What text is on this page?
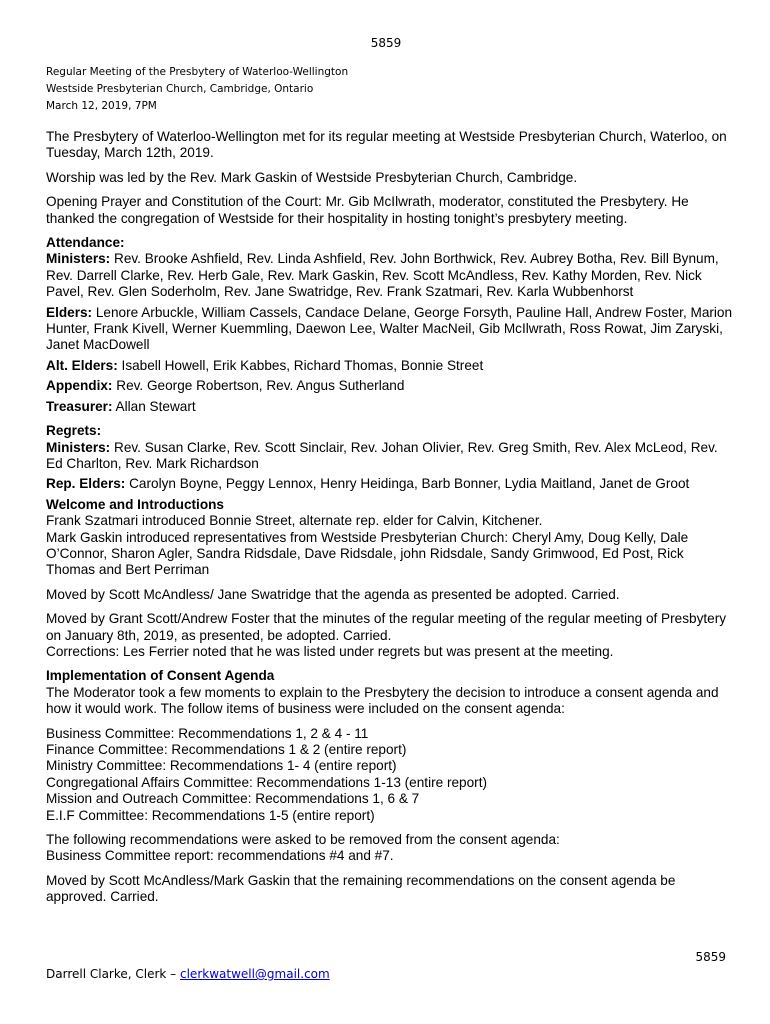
5859
Regular Meeting of the Presbytery of Waterloo-Wellington
Westside Presbyterian Church, Cambridge, Ontario
March 12, 2019, 7PM

The Presbytery of Waterloo-Wellington met for its regular meeting at Westside Presbyterian Church, Waterloo, on Tuesday, March 12th, 2019.

Worship was led by the Rev. Mark Gaskin of Westside Presbyterian Church, Cambridge.

Opening Prayer and Constitution of the Court: Mr. Gib McIlwrath, moderator, constituted the Presbytery. He thanked the congregation of Westside for their hospitality in hosting tonight’s presbytery meeting.

Attendance:
Ministers: Rev. Brooke Ashfield, Rev. Linda Ashfield, Rev. John Borthwick, Rev. Aubrey Botha, Rev. Bill Bynum, Rev. Darrell Clarke, Rev. Herb Gale, Rev. Mark Gaskin, Rev. Scott McAndless, Rev. Kathy Morden, Rev. Nick Pavel, Rev. Glen Soderholm, Rev. Jane Swatridge, Rev. Frank Szatmari, Rev. Karla Wubbenhorst

Elders: Lenore Arbuckle, William Cassels, Candace Delane, George Forsyth, Pauline Hall, Andrew Foster, Marion Hunter, Frank Kivell, Werner Kuemmling, Daewon Lee, Walter MacNeil, Gib McIlwrath, Ross Rowat, Jim Zaryski, Janet MacDowell

Alt. Elders: Isabell Howell, Erik Kabbes, Richard Thomas, Bonnie Street

Appendix: Rev. George Robertson, Rev. Angus Sutherland

Treasurer: Allan Stewart

Regrets:
Ministers: Rev. Susan Clarke, Rev. Scott Sinclair, Rev. Johan Olivier, Rev. Greg Smith, Rev. Alex McLeod, Rev. Ed Charlton, Rev. Mark Richardson

Rep. Elders: Carolyn Boyne, Peggy Lennox, Henry Heidinga, Barb Bonner, Lydia Maitland, Janet de Groot

Welcome and Introductions
Frank Szatmari introduced Bonnie Street, alternate rep. elder for Calvin, Kitchener.
Mark Gaskin introduced representatives from Westside Presbyterian Church: Cheryl Amy, Doug Kelly, Dale O’Connor, Sharon Agler, Sandra Ridsdale, Dave Ridsdale, john Ridsdale, Sandy Grimwood, Ed Post, Rick Thomas and Bert Perriman

Moved by Scott McAndless/ Jane Swatridge that the agenda as presented be adopted. Carried.

Moved by Grant Scott/Andrew Foster that the minutes of the regular meeting of the regular meeting of Presbytery on January 8th, 2019, as presented, be adopted. Carried.
Corrections: Les Ferrier noted that he was listed under regrets but was present at the meeting.
Implementation of Consent Agenda
The Moderator took a few moments to explain to the Presbytery the decision to introduce a consent agenda and how it would work. The follow items of business were included on the consent agenda:
Business Committee: Recommendations 1, 2 & 4 - 11
Finance Committee: Recommendations 1 & 2 (entire report)
Ministry Committee: Recommendations 1- 4 (entire report)
Congregational Affairs Committee: Recommendations 1-13 (entire report)
Mission and Outreach Committee: Recommendations 1, 6 & 7
E.I.F Committee: Recommendations 1-5 (entire report)
The following recommendations were asked to be removed from the consent agenda:
Business Committee report: recommendations #4 and #7.

Moved by Scott McAndless/Mark Gaskin that the remaining recommendations on the consent agenda be approved. Carried.

5859
Darrell Clarke, Clerk – clerkwatwell@gmail.com
